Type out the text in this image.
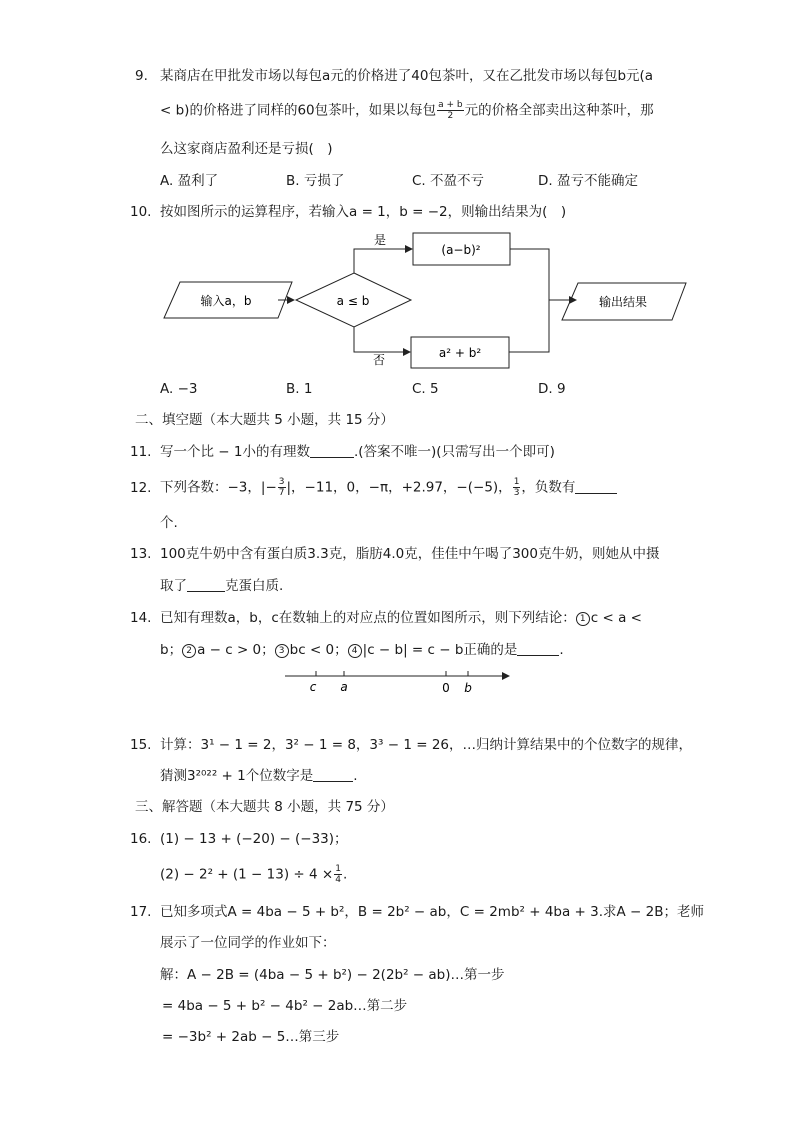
9. 某商店在甲批发市场以每包a元的价格进了40包茶叶，又在乙批发市场以每包b元(a
< b)的价格进了同样的60包茶叶，如果以每包 $\frac{a + b}{2}$ 元的价格全部卖出这种茶叶，那
么这家商店盈利还是亏损(　)
A. 盈利了	B. 亏损了	C. 不盈不亏	D. 盈亏不能确定
10. 按如图所示的运算程序，若输入a = 1，b = −2，则输出结果为(　)
输入a，b	a ≤ b
是
(a−b)²
否	a² + b²
输出结果
c a	0 b
A. −3	B. 1	C. 5	D. 9
二、填空题（本大题共 5 小题，共 15 分）
11. 写一个比 − 1小的有理数	.(答案不唯一)(只需写出一个即可)
12. 下列各数：−3，|− $\frac{3}{7}$ |，−11，0，−π，+2.97，−(−5)， $\frac{1}{3}$ ，负数有
个.
13. 100克牛奶中含有蛋白质3.3克，脂肪4.0克，佳佳中午喝了300克牛奶，则她从中摄
取了	克蛋白质.
14. 已知有理数a，b，c在数轴上的对应点的位置如图所示，则下列结论： 1 c < a <
b； 2 a − c > 0； 3 bc < 0； 4 |c − b| = c − b正确的是	.
15. 计算：3¹ − 1 = 2，3² − 1 = 8，3³ − 1 = 26，…归纳计算结果中的个位数字的规律，
猜测3²⁰²² + 1个位数字是	.
三、解答题（本大题共 8 小题，共 75 分）
16. (1) − 13 + (−20) − (−33)；
$(2) - 2^2 + (1 - 13) \div 4 \times \frac{1}{4}$ .
17. 已知多项式A = 4ba − 5 + b²，B = 2b² − ab，C = 2mb² + 4ba + 3.求A − 2B；老师
展示了一位同学的作业如下：
解：A − 2B = (4ba − 5 + b²) − 2(2b² − ab)…第一步
= 4ba − 5 + b² − 4b² − 2ab…第二步
= −3b² + 2ab − 5…第三步
